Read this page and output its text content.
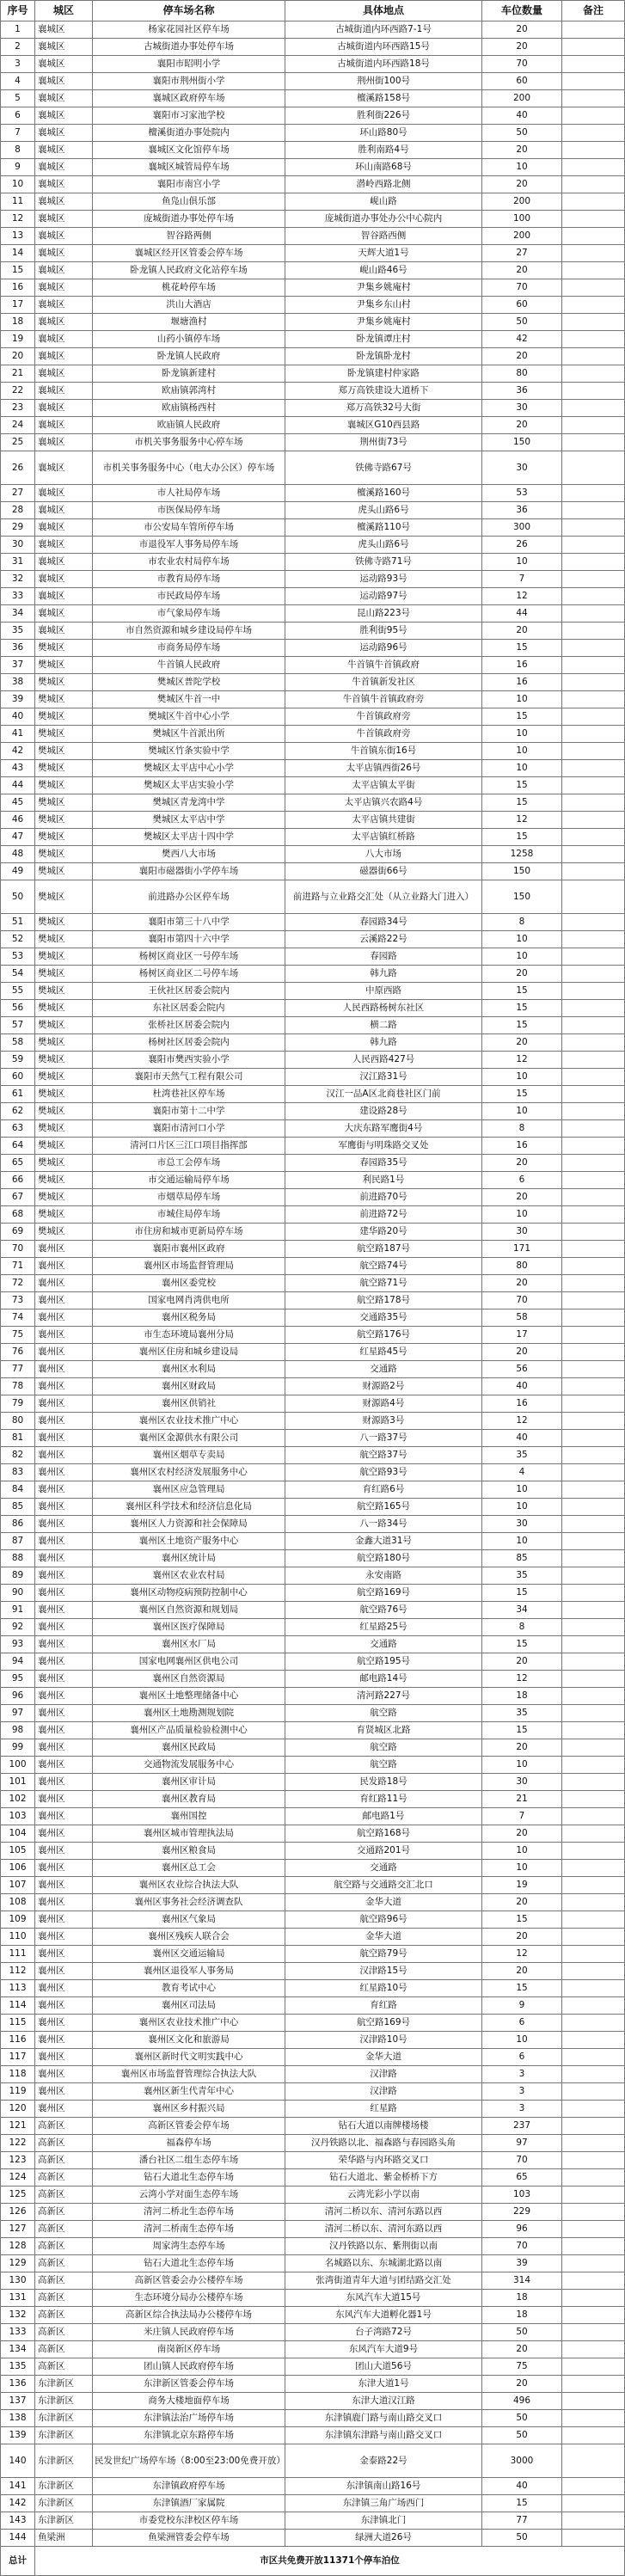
序号	城区	停车场名称	具体地点	车位数量	备注
1	襄城区	杨家花园社区停车场	古城街道内环西路7-1号	20	
2	襄城区	古城街道办事处停车场	古城街道内环西路15号	20	
3	襄城区	襄阳市昭明小学	古城街道内环西路18号	70	
4	襄城区	襄阳市荆州街小学	荆州街100号	60	
5	襄城区	襄城区政府停车场	檀溪路158号	200	
6	襄城区	襄阳市习家池学校	胜利街226号	40	
7	襄城区	檀溪街道办事处院内	环山路80号	50	
8	襄城区	襄城区文化馆停车场	胜利南路4号	20	
9	襄城区	襄城区城管局停车场	环山南路68号	10	
10	襄城区	襄阳市南宫小学	潜岭西路北侧	20	
11	襄城区	鱼凫山俱乐部	岘山路	200	
12	襄城区	庞城街道办事处停车场	庞城街道办事处办公中心院内	100	
13	襄城区	智谷路两侧	智谷路西侧	200	
14	襄城区	襄城区经开区管委会停车场	天辉大道1号	27	
15	襄城区	卧龙镇人民政府文化站停车场	岘山路46号	20	
16	襄城区	桃花岭停车场	尹集乡姚庵村	70	
17	襄城区	洪山大酒店	尹集乡东山村	60	
18	襄城区	堰塘渔村	尹集乡姚庵村	50	
19	襄城区	山药小镇停车场	卧龙镇谭庄村	42	
20	襄城区	卧龙镇人民政府	卧龙镇卧龙村	20	
21	襄城区	卧龙镇新建村	卧龙镇建村仲家路	80	
22	襄城区	欧庙镇郭湾村	郑万高铁建设大道桥下	36	
23	襄城区	欧庙镇杨西村	郑万高铁32号大街	30	
24	襄城区	欧庙镇人民政府	襄城区G10西县路	20	
25	襄城区	市机关事务服务中心停车场	荆州街73号	150	
26	襄城区	市机关事务服务中心（电大办公区）停车场	铁佛寺路67号	30	
27	襄城区	市人社局停车场	檀溪路160号	53	
28	襄城区	市医保局停车场	虎头山路6号	36	
29	襄城区	市公安局车管所停车场	檀溪路110号	300	
30	襄城区	市退役军人事务局停车场	虎头山路6号	26	
31	襄城区	市农业农村局停车场	铁佛寺路71号	10	
32	襄城区	市教育局停车场	运动路93号	7	
33	襄城区	市民政局停车场	运动路97号	12	
34	襄城区	市气象局停车场	昆山路223号	44	
35	襄城区	市自然资源和城乡建设局停车场	胜利街95号	20	
36	樊城区	市商务局停车场	运动路96号	15	
37	樊城区	牛首镇人民政府	牛首镇牛首镇政府	16	
38	樊城区	樊城区普陀学校	牛首镇新发社区	16	
39	樊城区	樊城区牛首一中	牛首镇牛首镇政府旁	10	
40	樊城区	樊城区牛首中心小学	牛首镇政府旁	15	
41	樊城区	樊城区牛首派出所	牛首镇政府旁	10	
42	樊城区	樊城区竹条实验中学	牛首镇东街16号	10	
43	樊城区	樊城区太平店中心小学	太平店镇西街26号	10	
44	樊城区	樊城区太平店实验小学	太平店镇太平街	15	
45	樊城区	樊城区青龙湾中学	太平店镇兴农路4号	15	
46	樊城区	樊城区太平店中学	太平店镇共建街	12	
47	樊城区	樊城区太平店十四中学	太平店镇红桥路	15	
48	樊城区	樊西八大市场	八大市场	1258	
49	樊城区	襄阳市磁器街小学停车场	磁器街66号	150	
50	樊城区	前进路办公区停车场	前进路与立业路交汇处（从立业路大门进入）	150	
51	樊城区	襄阳市第三十八中学	春园路34号	8	
52	樊城区	襄阳市第四十六中学	云溪路22号	10	
53	樊城区	杨树区商业区一号停车场	春园路	10	
54	樊城区	杨树区商业区二号停车场	韩九路	20	
55	樊城区	王伙社区居委会院内	中原西路	15	
56	樊城区	东社区居委会院内	人民西路杨树东社区	15	
57	樊城区	张桥社区居委会院内	横二路	15	
58	樊城区	杨树社区居委会院内	韩九路	20	
59	樊城区	襄阳市樊西实验小学	人民西路427号	12	
60	樊城区	襄阳市天然气工程有限公司	汉江路31号	10	
61	樊城区	杜湾巷社区停车场	汉江一品A区北商巷社区门前	15	
62	樊城区	襄阳市第十二中学	建设路28号	10	
63	樊城区	襄阳市清河口小学	大庆东路军鹰街4号	8	
64	樊城区	清河口片区三江口项目指挥部	军鹰街与明珠路交叉处	16	
65	樊城区	市总工会停车场	春园路35号	20	
66	樊城区	市交通运输局停车场	利民路1号	6	
67	樊城区	市烟草局停车场	前进路70号	20	
68	樊城区	市城住局停车场	前进路72号	10	
69	樊城区	市住房和城市更新局停车场	建华路20号	30	
70	襄州区	襄阳市襄州区政府	航空路187号	171	
71	襄州区	襄州区市场监督管理局	航空路74号	80	
72	襄州区	襄州区委党校	航空路71号	20	
73	襄州区	国家电网肖湾供电所	航空路178号	70	
74	襄州区	襄州区税务局	交通路35号	58	
75	襄州区	市生态环境局襄州分局	航空路176号	17	
76	襄州区	襄州区住房和城乡建设局	红星路45号	20	
77	襄州区	襄州区水利局	交通路	56	
78	襄州区	襄州区财政局	财源路2号	40	
79	襄州区	襄州区供销社	财源路4号	16	
80	襄州区	襄州区农业技术推广中心	财源路3号	12	
81	襄州区	襄州区金源供水有限公司	八一路37号	40	
82	襄州区	襄州区烟草专卖局	航空路37号	35	
83	襄州区	襄州区农村经济发展服务中心	航空路93号	4	
84	襄州区	襄州区应急管理局	育红路6号	10	
85	襄州区	襄州区科学技术和经济信息化局	航空路165号	10	
86	襄州区	襄州区人力资源和社会保障局	八一路34号	30	
87	襄州区	襄州区土地资产服务中心	金鑫大道31号	10	
88	襄州区	襄州区统计局	航空路180号	85	
89	襄州区	襄州区农业农村局	永安南路	35	
90	襄州区	襄州区动物疫病预防控制中心	航空路169号	15	
91	襄州区	襄州区自然资源和规划局	航空路76号	34	
92	襄州区	襄州区医疗保障局	红星路25号	8	
93	襄州区	襄州区水厂局	交通路	15	
94	襄州区	国家电网襄州区供电公司	航空路195号	20	
95	襄州区	襄州区自然资源局	邮电路14号	12	
96	襄州区	襄州区土地整理储备中心	清河路227号	18	
97	襄州区	襄州区土地勘测规划院	航空路	35	
98	襄州区	襄州区产品质量检验检测中心	育贤城区北路	15	
99	襄州区	襄州区民政局	航空路	20	
100	襄州区	交通物流发展服务中心	航空路	10	
101	襄州区	襄州区审计局	民发路18号	30	
102	襄州区	襄州区教育局	育红路11号	21	
103	襄州区	襄州国控	邮电路1号	7	
104	襄州区	襄州区城市管理执法局	航空路168号	20	
105	襄州区	襄州区粮食局	交通路201号	10	
106	襄州区	襄州区总工会	交通路	10	
107	襄州区	襄州区农业综合执法大队	航空路与交通路交汇北口	19	
108	襄州区	襄州区事务社会经济调查队	金华大道	20	
109	襄州区	襄州区气象局	航空路96号	15	
110	襄州区	襄州区残疾人联合会	金华大道	20	
111	襄州区	襄州区交通运输局	航空路79号	12	
112	襄州区	襄州区退役军人事务局	汉津路15号	20	
113	襄州区	教育考试中心	红星路10号	15	
114	襄州区	襄州区司法局	育红路	9	
115	襄州区	襄州区农业技术推广中心	航空路169号	6	
116	襄州区	襄州区文化和旅游局	汉津路10号	10	
117	襄州区	襄州区新时代文明实践中心	金华大道	6	
118	襄州区	襄州区市场监督管理综合执法大队	汉津路	3	
119	襄州区	襄州区新生代青年中心	汉津路	3	
120	襄州区	襄州区乡村振兴局	红星路	3	
121	高新区	高新区管委会停车场	钻石大道以南牌楼场楼	237	
122	高新区	福森停车场	汉丹铁路以北、福森路与春园路头角	97	
123	高新区	潘台社区二组生态停车场	荣华路与内环路交叉口	70	
124	高新区	钻石大道北生态停车场	钻石大道北、紫金桥桥下方	65	
125	高新区	云湾小学对面生态停车场	云湾光彩小学以南	103	
126	高新区	清河二桥北生态停车场	清河二桥以东、清河东路以西	229	
127	高新区	清河二桥南生态停车场	清河二桥以东、清河东路以西	96	
128	高新区	周家湾生态停车场	汉丹铁路以东、紫荆街以南	70	
129	高新区	钻石大道北生态停车场	名城路以东、东城湖北路以南	39	
130	高新区	高新区管委会办公楼停车场	张湾街道青年大道与团结路交汇处	314	
131	高新区	生态环境分局办公楼停车场	东风汽车大道15号	18	
132	高新区	高新区综合执法局办公楼停车场	东风汽车大道孵化器1号	18	
133	高新区	米庄镇人民政府停车场	台子湾路72号	50	
134	高新区	南岗新区停车场	东风汽车大道9号	20	
135	高新区	团山镇人民政府停车场	团山大道56号	75	
136	东津新区	东津新区管委会停车场	东津大道1号	20	
137	东津新区	商务大楼地面停车场	东津大道汉江路	496	
138	东津新区	东津镇法治广场停车场	东津镇鹿门路与南山路交叉口	50	
139	东津新区	东津镇北京东路停车场	东津镇东津路与南山路交叉口	50	
140	东津新区	民发世纪广场停车场（8:00至23:00免费开放）	金泰路22号	3000	
141	东津新区	东津镇政府停车场	东津镇南山路16号	40	
142	东津新区	东津镇酒厂家属院	东津镇三角广场西门	15	
143	东津新区	市委党校东津校区停车场	东津镇北门	77	
144	鱼梁洲	鱼梁洲管委会停车场	绿洲大道26号	50	
总计	市区共免费开放11371个停车泊位				
